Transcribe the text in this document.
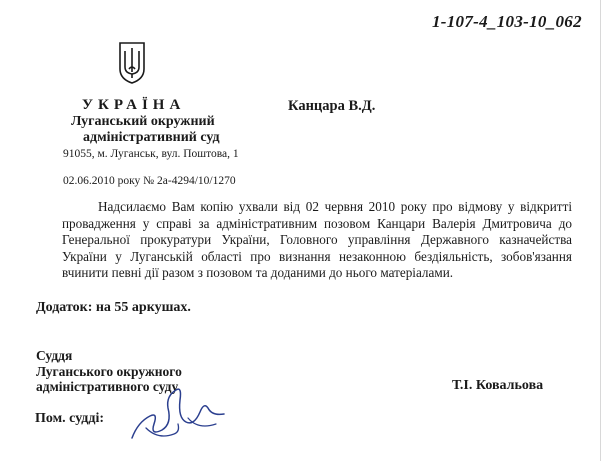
1-107-4_103-10_062
УКРАЇНА
Луганський окружний
адміністративний суд
91055, м. Луганськ, вул. Поштова, 1
Канцара В.Д.
02.06.2010 року № 2а-4294/10/1270

Надсилаємо Вам копію ухвали від 02 червня 2010 року про відмову у відкритті провадження у справі за адміністративним позовом Канцари Валерія Дмитровича до Генеральної прокуратури України, Головного управління Державного казначейства України у Луганській області про визнання незаконною бездіяльність, зобов'язання вчинити певні дії разом з позовом та доданими до нього матеріалами.

Додаток: на 55 аркушах.
Суддя
Луганського окружного
адміністративного суду	Т.І. Ковальова
Пом. судді:
